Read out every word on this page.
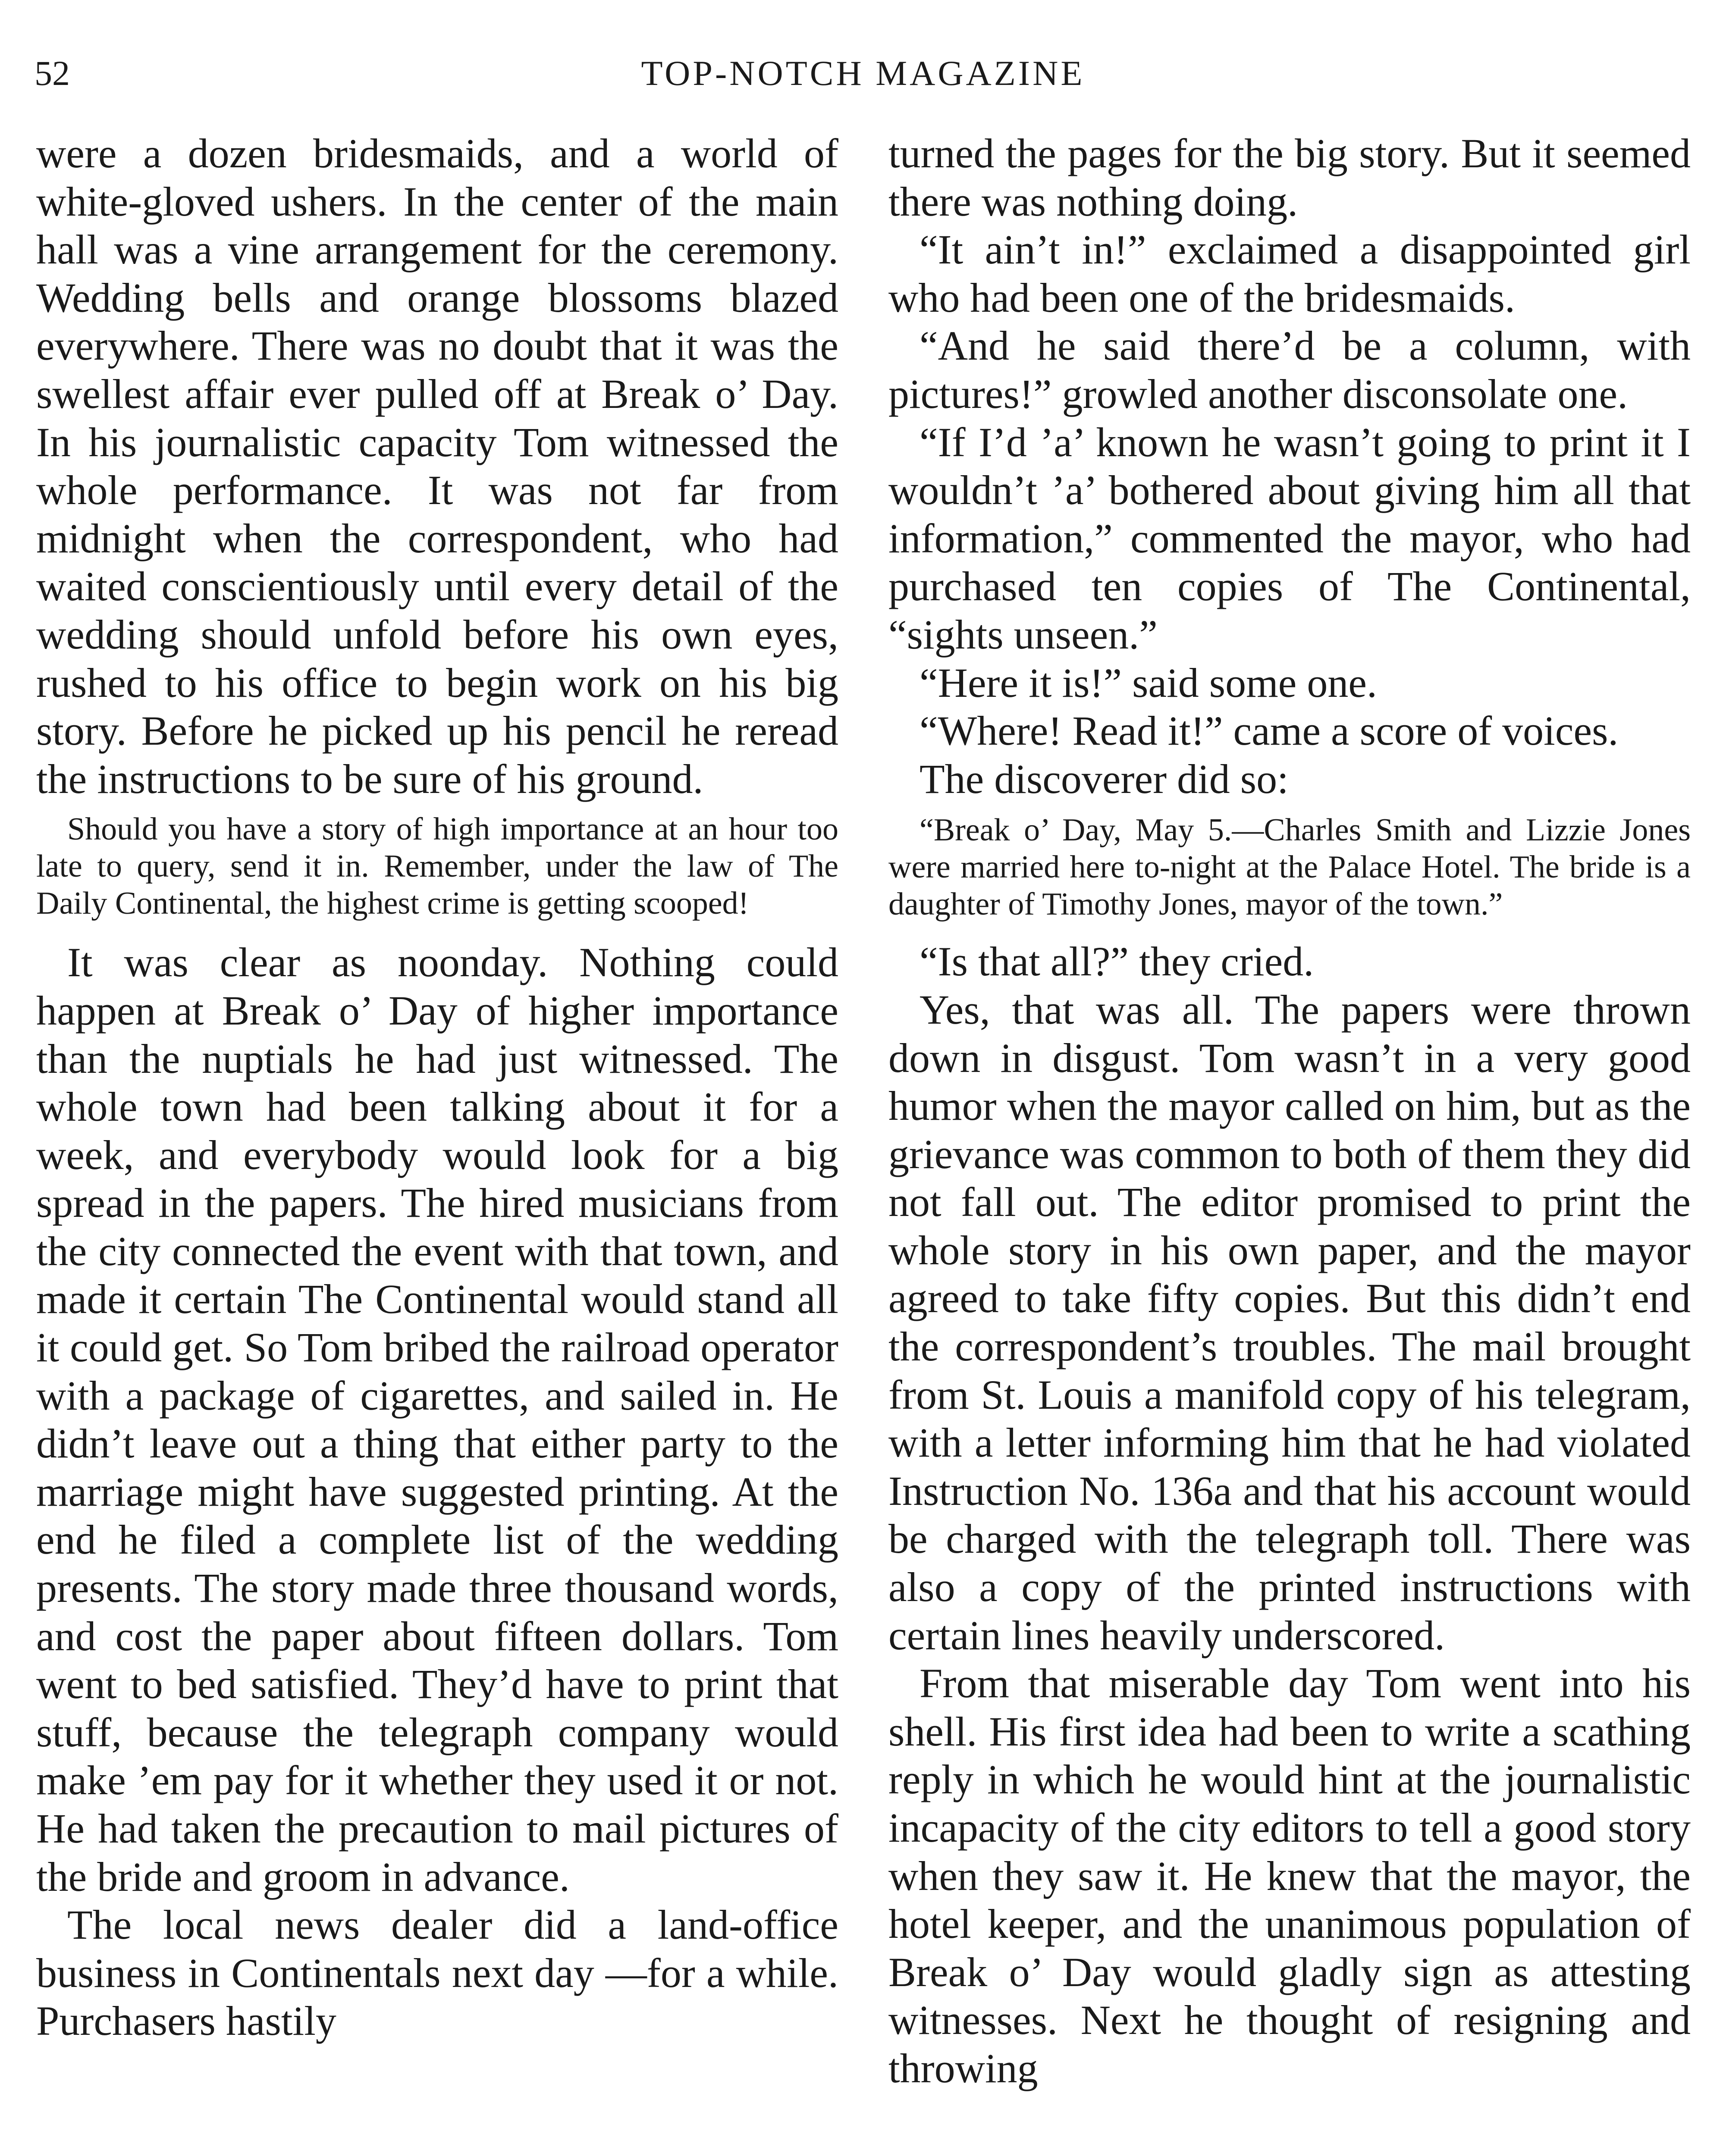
52	TOP-NOTCH MAGAZINE

were a dozen bridesmaids, and a world of white-gloved ushers. In the center of the main hall was a vine arrangement for the ceremony. Wedding bells and orange blossoms blazed everywhere. There was no doubt that it was the swellest affair ever pulled off at Break o’ Day. In his journalistic capacity Tom witnessed the whole performance. It was not far from midnight when the correspondent, who had waited conscientiously until every detail of the wedding should unfold before his own eyes, rushed to his office to begin work on his big story. Before he picked up his pencil he reread the instructions to be sure of his ground.

Should you have a story of high importance at an hour too late to query, send it in. Remember, under the law of The Daily Continental, the highest crime is getting scooped!

It was clear as noonday. Nothing could happen at Break o’ Day of higher importance than the nuptials he had just witnessed. The whole town had been talking about it for a week, and everybody would look for a big spread in the papers. The hired musicians from the city connected the event with that town, and made it certain The Continental would stand all it could get. So Tom bribed the railroad operator with a package of cigarettes, and sailed in. He didn’t leave out a thing that either party to the marriage might have suggested printing. At the end he filed a complete list of the wedding presents. The story made three thousand words, and cost the paper about fifteen dollars. Tom went to bed satisfied. They’d have to print that stuff, because the telegraph company would make ’em pay for it whether they used it or not. He had taken the precaution to mail pictures of the bride and groom in advance.

The local news dealer did a land-office business in Continentals next day —for a while. Purchasers hastily

turned the pages for the big story. But it seemed there was nothing doing.

“It ain’t in!” exclaimed a disappointed girl who had been one of the bridesmaids.

“And he said there’d be a column, with pictures!” growled another disconsolate one.

“If I’d ’a’ known he wasn’t going to print it I wouldn’t ’a’ bothered about giving him all that information,” commented the mayor, who had purchased ten copies of The Continental, “sights unseen.”

“Here it is!” said some one.

“Where! Read it!” came a score of voices.

The discoverer did so:

“Break o’ Day, May 5.—Charles Smith and Lizzie Jones were married here to-night at the Palace Hotel. The bride is a daughter of Timothy Jones, mayor of the town.”

“Is that all?” they cried.

Yes, that was all. The papers were thrown down in disgust. Tom wasn’t in a very good humor when the mayor called on him, but as the grievance was common to both of them they did not fall out. The editor promised to print the whole story in his own paper, and the mayor agreed to take fifty copies. But this didn’t end the correspondent’s troubles. The mail brought from St. Louis a manifold copy of his telegram, with a letter informing him that he had violated Instruction No. 136a and that his account would be charged with the telegraph toll. There was also a copy of the printed instructions with certain lines heavily underscored.

From that miserable day Tom went into his shell. His first idea had been to write a scathing reply in which he would hint at the journalistic incapacity of the city editors to tell a good story when they saw it. He knew that the mayor, the hotel keeper, and the unanimous population of Break o’ Day would gladly sign as attesting witnesses. Next he thought of resigning and throwing
